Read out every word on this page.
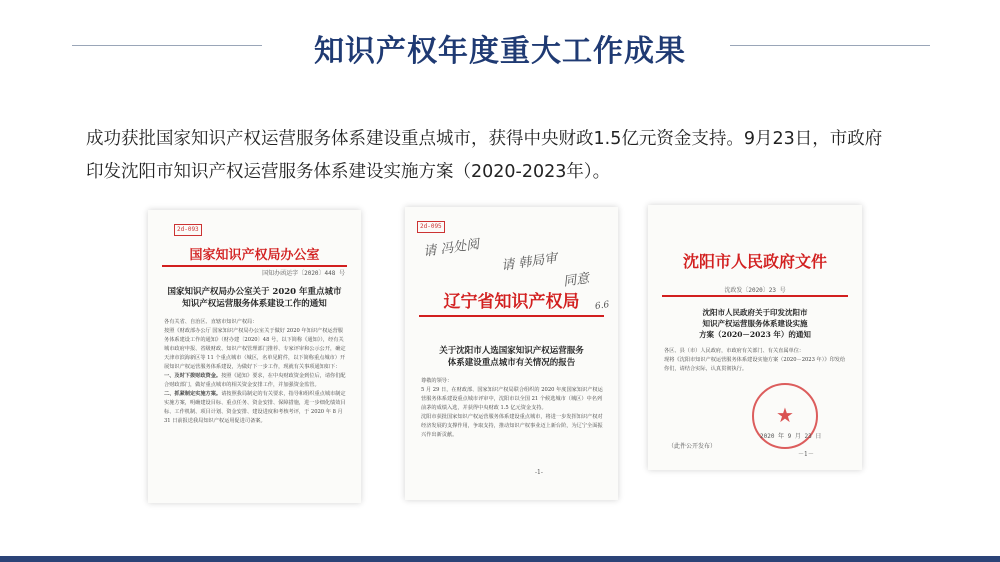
知识产权年度重大工作成果
成功获批国家知识产权运营服务体系建设重点城市，获得中央财政1.5亿元资金支持。9月23日，市政府
印发沈阳市知识产权运营服务体系建设实施方案（2020-2023年）。
2d-093
国家知识产权局办公室
国知办函运字〔2020〕448 号
国家知识产权局办公室关于 2020 年重点城市
知识产权运营服务体系建设工作的通知
各有关省、自治区、直辖市知识产权局：
按照《财政部办公厅 国家知识产权局办公室关于做好 2020 年知识产权运营服务体系建设工作的通知》（财办建〔2020〕48 号，以下简称《通知》），经有关城市政府申报、省级财政、知识产权管理部门推荐、专家评审和公示公开，确定天津市滨海新区等 11 个重点城市（城区，名单见附件，以下简称重点城市）开展知识产权运营服务体系建设，为做好下一步工作，现就有关事项通知如下：
一、及时下拨财政资金。按照《通知》要求，在中央财政资金到位后，请你们配合财政部门，做好重点城市的相关资金安排工作，并加强资金监管。
二、抓紧制定实施方案。请按照我局制定的有关要求，指导和组织重点城市制定实施方案，明确建设目标、重点任务、资金安排、保障措施，进一步细化绩效目标、工作机制、项目计划、资金安排、建设进度和考核考评，于 2020 年 8 月 31 日前报送我局知识产权运用促进司备案。
2d-095
请 冯处阅
请 韩局审
同意
6.6
辽宁省知识产权局
关于沈阳市人选国家知识产权运营服务
体系建设重点城市有关情况的报告
尊敬的领导：
5 月 29 日，在财政部、国家知识产权局联合组织的 2020 年度国家知识产权运营服务体系建设重点城市评审中，沈阳市以全国 21 个候选城市（城区）中名列前茅的成绩入选，并获得中央财政 1.5 亿元资金支持。
沈阳市获批国家知识产权运营服务体系建设重点城市，将进一步发挥知识产权对经济发展的支撑作用，争取支持，推动知识产权事业迈上新台阶，为辽宁全面振兴作出新贡献。
-1-
沈阳市人民政府文件
沈政发〔2020〕23 号
沈阳市人民政府关于印发沈阳市
知识产权运营服务体系建设实施
方案（2020－2023 年）的通知
各区、县（市）人民政府，市政府有关部门、有关直属单位：
现将《沈阳市知识产权运营服务体系建设实施方案（2020－2023 年）》印发给你们，请结合实际，认真贯彻执行。
★
2020 年 9 月 23 日
（此件公开发布）
－1－
